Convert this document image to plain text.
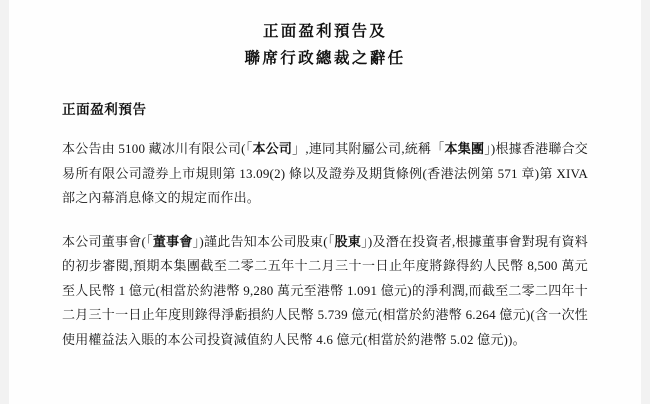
正面盈利預告及
聯席行政總裁之辭任
正面盈利預告
本公告由 5100 藏冰川有限公司(「本公司」,連同其附屬公司,統稱「本集團」)根據香港聯合交易所有限公司證券上市規則第 13.09(2) 條以及證券及期貨條例(香港法例第 571 章)第 XIVA 部之內幕消息條文的規定而作出。
本公司董事會(「董事會」)謹此告知本公司股東(「股東」)及潛在投資者,根據董事會對現有資料的初步審閱,預期本集團截至二零二五年十二月三十一日止年度將錄得約人民幣 8,500 萬元至人民幣 1 億元(相當於約港幣 9,280 萬元至港幣 1.091 億元)的淨利潤,而截至二零二四年十二月三十一日止年度則錄得淨虧損約人民幣 5.739 億元(相當於約港幣 6.264 億元)(含一次性使用權益法入賬的本公司投資減值約人民幣 4.6 億元(相當於約港幣 5.02 億元))。
